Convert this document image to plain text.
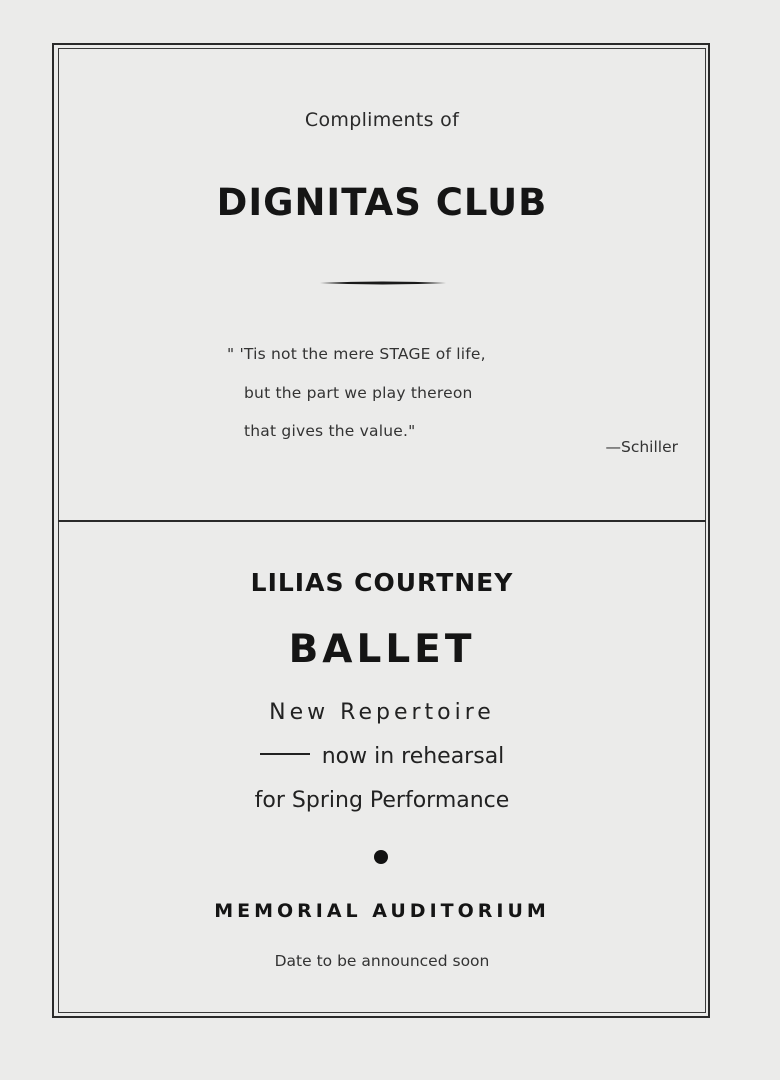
Compliments of
DIGNITAS CLUB
" 'Tis not the mere STAGE of life,
but the part we play thereon
that gives the value."
—Schiller
LILIAS COURTNEY
BALLET
New Repertoire
now in rehearsal
for Spring Performance
MEMORIAL AUDITORIUM
Date to be announced soon
